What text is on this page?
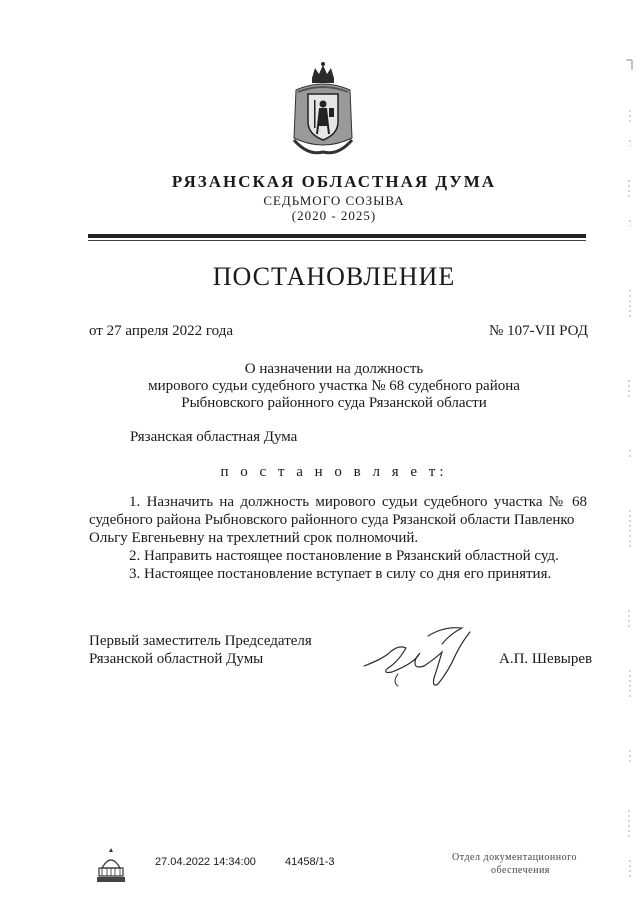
РЯЗАНСКАЯ ОБЛАСТНАЯ ДУМА
СЕДЬМОГО СОЗЫВА
(2020 - 2025)
ПОСТАНОВЛЕНИЕ
от 27 апреля 2022 года	№ 107-VII РОД
О назначении на должность
мирового судьи судебного участка № 68 судебного района
Рыбновского районного суда Рязанской области
Рязанская областная Дума
п о с т а н о в л я е т:
1. Назначить на должность мирового судьи судебного участка № 68
судебного района Рыбновского районного суда Рязанской области Павленко Ольгу Евгеньевну на трехлетний срок полномочий.
2. Направить настоящее постановление в Рязанский областной суд.
3. Настоящее постановление вступает в силу со дня его принятия.
Первый заместитель Председателя
Рязанской областной Думы	А.П. Шевырев
27.04.2022 14:34:00	41458/1-3	Отдел документационного
обеспечения
